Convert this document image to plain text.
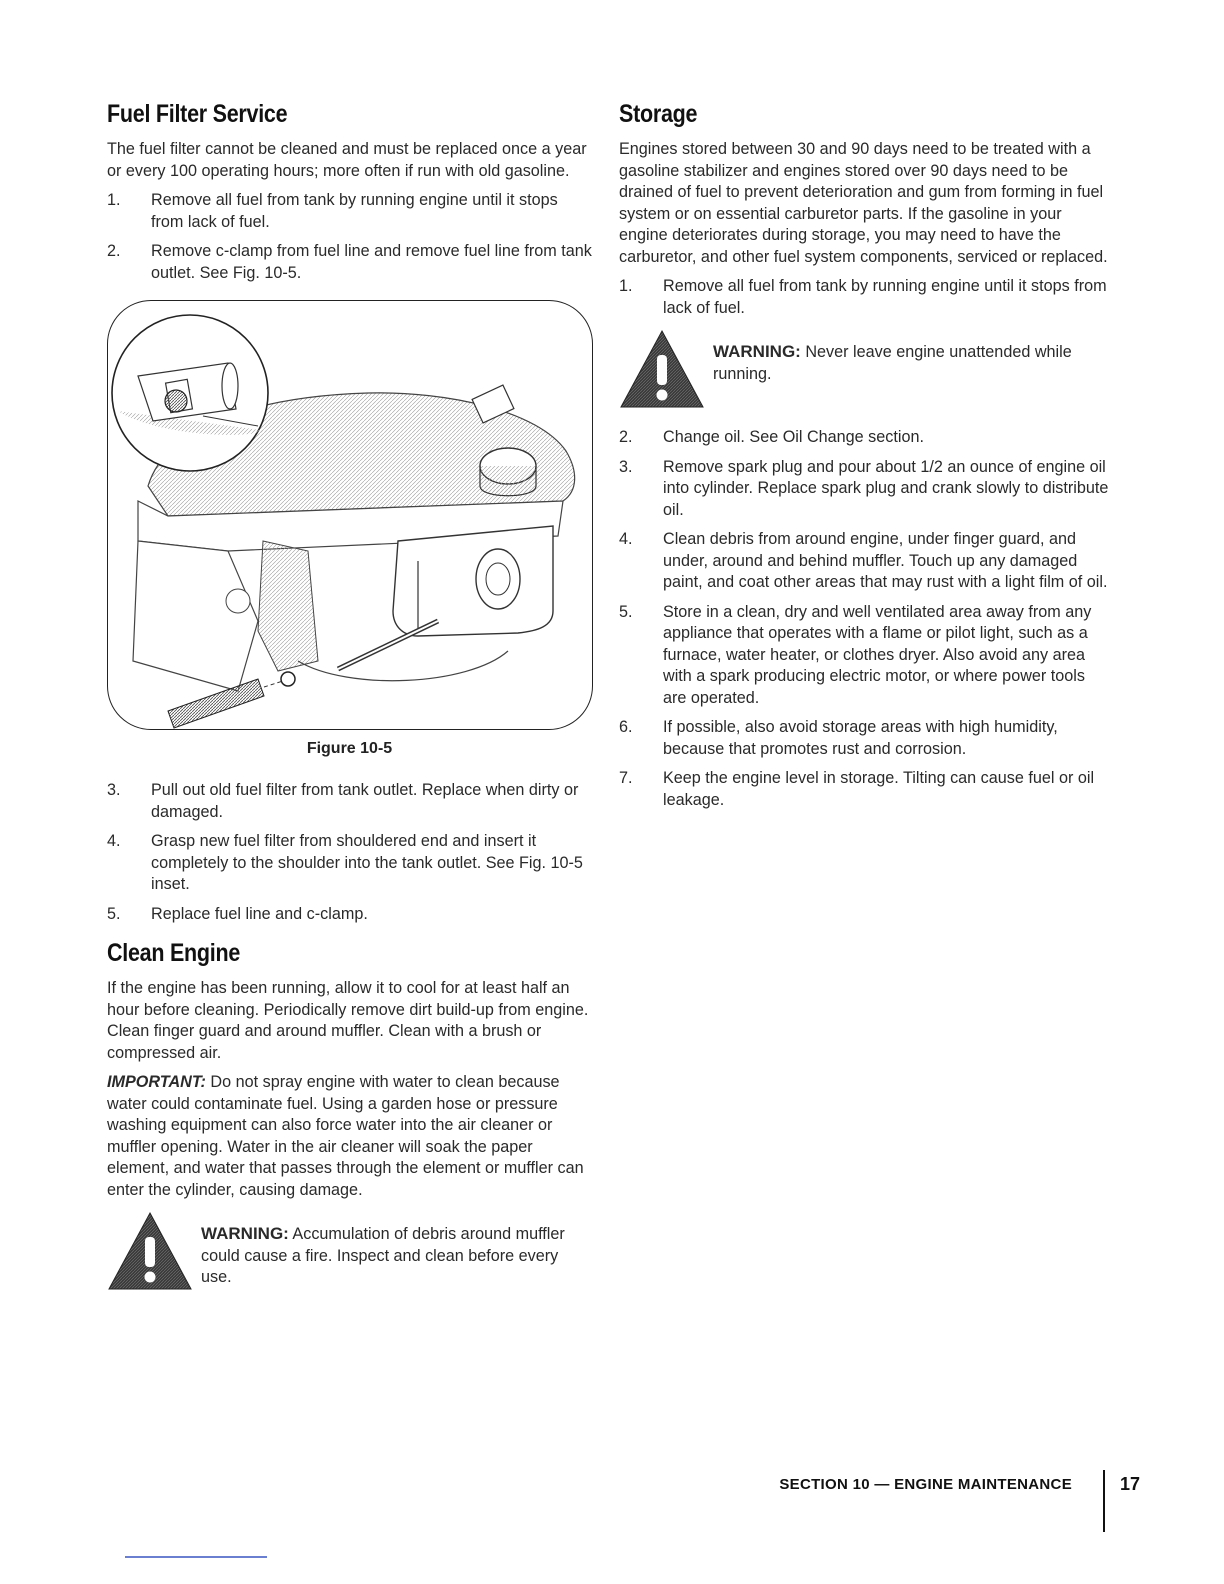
Fuel Filter Service

The fuel filter cannot be cleaned and must be replaced once a year or every 100 operating hours; more often if run with old gasoline.

1. Remove all fuel from tank by running engine until it stops from lack of fuel.
2. Remove c-clamp from fuel line and remove fuel line from tank outlet. See Fig. 10-5.
Figure 10-5
3. Pull out old fuel filter from tank outlet. Replace when dirty or damaged.
4. Grasp new fuel filter from shouldered end and insert it completely to the shoulder into the tank outlet. See Fig. 10-5 inset.
5. Replace fuel line and c-clamp.
Clean Engine

If the engine has been running, allow it to cool for at least half an hour before cleaning. Periodically remove dirt build-up from engine. Clean finger guard and around muffler. Clean with a brush or compressed air.

IMPORTANT: Do not spray engine with water to clean because water could contaminate fuel. Using a garden hose or pressure washing equipment can also force water into the air cleaner or muffler opening. Water in the air cleaner will soak the paper element, and water that passes through the element or muffler can enter the cylinder, causing damage.

WARNING: Accumulation of debris around muffler could cause a fire. Inspect and clean before every use.
Storage

Engines stored between 30 and 90 days need to be treated with a gasoline stabilizer and engines stored over 90 days need to be drained of fuel to prevent deterioration and gum from forming in fuel system or on essential carburetor parts. If the gasoline in your engine deteriorates during storage, you may need to have the carburetor, and other fuel system components, serviced or replaced.

1. Remove all fuel from tank by running engine until it stops from lack of fuel.
WARNING: Never leave engine unattended while running.
2. Change oil. See Oil Change section.
3. Remove spark plug and pour about 1/2 an ounce of engine oil into cylinder. Replace spark plug and crank slowly to distribute oil.
4. Clean debris from around engine, under finger guard, and under, around and behind muffler. Touch up any damaged paint, and coat other areas that may rust with a light film of oil.
5. Store in a clean, dry and well ventilated area away from any appliance that operates with a flame or pilot light, such as a furnace, water heater, or clothes dryer. Also avoid any area with a spark producing electric motor, or where power tools are operated.
6. If possible, also avoid storage areas with high humidity, because that promotes rust and corrosion.
7. Keep the engine level in storage. Tilting can cause fuel or oil leakage.
SECTION 10 — ENGINE MAINTENANCE	17
